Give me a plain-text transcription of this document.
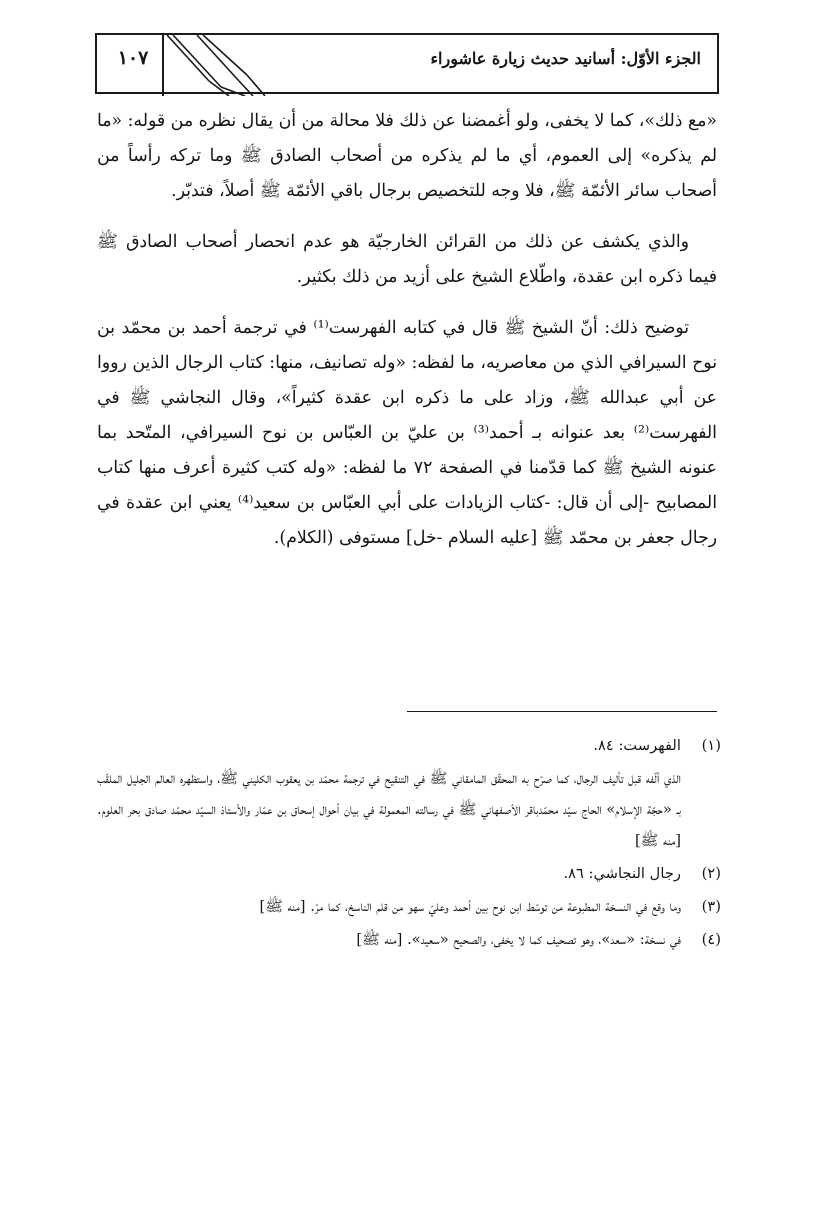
الجزء الأوّل: أسانيد حديث زيارة عاشوراء
١٠٧

«مع ذلك»، كما لا يخفى، ولو أغمضنا عن ذلك فلا محالة من أن يقال نظره من قوله: «ما لم يذكره» إلى العموم، أي ما لم يذكره من أصحاب الصادق ﷺ وما تركه رأساً من أصحاب سائر الأئمّة ﷺ، فلا وجه للتخصيص برجال باقي الأئمّة ﷺ أصلاً، فتدبّر.

والذي يكشف عن ذلك من القرائن الخارجيّة هو عدم انحصار أصحاب الصادق ﷺ فيما ذكره ابن عقدة، واطّلاع الشيخ على أزيد من ذلك بكثير.

توضيح ذلك: أنّ الشيخ ﷺ قال في كتابه الفهرست⁽¹⁾ في ترجمة أحمد بن محمّد بن نوح السيرافي الذي من معاصريه، ما لفظه: «وله تصانيف، منها: كتاب الرجال الذين رووا عن أبي عبدالله ﷺ، وزاد على ما ذكره ابن عقدة كثيراً»، وقال النجاشي ﷺ في الفهرست⁽²⁾ بعد عنوانه بـ أحمد⁽³⁾ بن عليّ بن العبّاس بن نوح السيرافي، المتّحد بما عنونه الشيخ ﷺ كما قدّمنا في الصفحة ٧٢ ما لفظه: «وله كتب كثيرة أعرف منها كتاب المصابيح -إلى أن قال: -كتاب الزيادات على أبي العبّاس بن سعيد⁽⁴⁾ يعني ابن عقدة في رجال جعفر بن محمّد ﷺ [عليه السلام -خل] مستوفى (الكلام).

(١)
الفهرست: ٨٤.
الذي ألّفه قبل تأليف الرجال، كما صرّح به المحقّق المامقاني ﷺ في التنقيح في ترجمة محمّد بن يعقوب الكليني ﷺ، واستظهره العالم الجليل الملقّب بـ «حجّة الإسلام» الحاج سيّد محمّدباقر الأصفهاني ﷺ في رسالته المعمولة في بيان أحوال إسحاق بن عمّار والأستاذ السيّد محمّد صادق بحر العلوم. [منه ﷺ]
(٢)
رجال النجاشي: ٨٦.
(٣)
وما وقع في النسخة المطبوعة من توسّط ابن نوح بين أحمد وعليّ سهو من قلم الناسخ، كما مرّ. [منه ﷺ]
(٤)
في نسخة: «سعد»، وهو تصحيف كما لا يخفى، والصحيح «سعيد». [منه ﷺ]
